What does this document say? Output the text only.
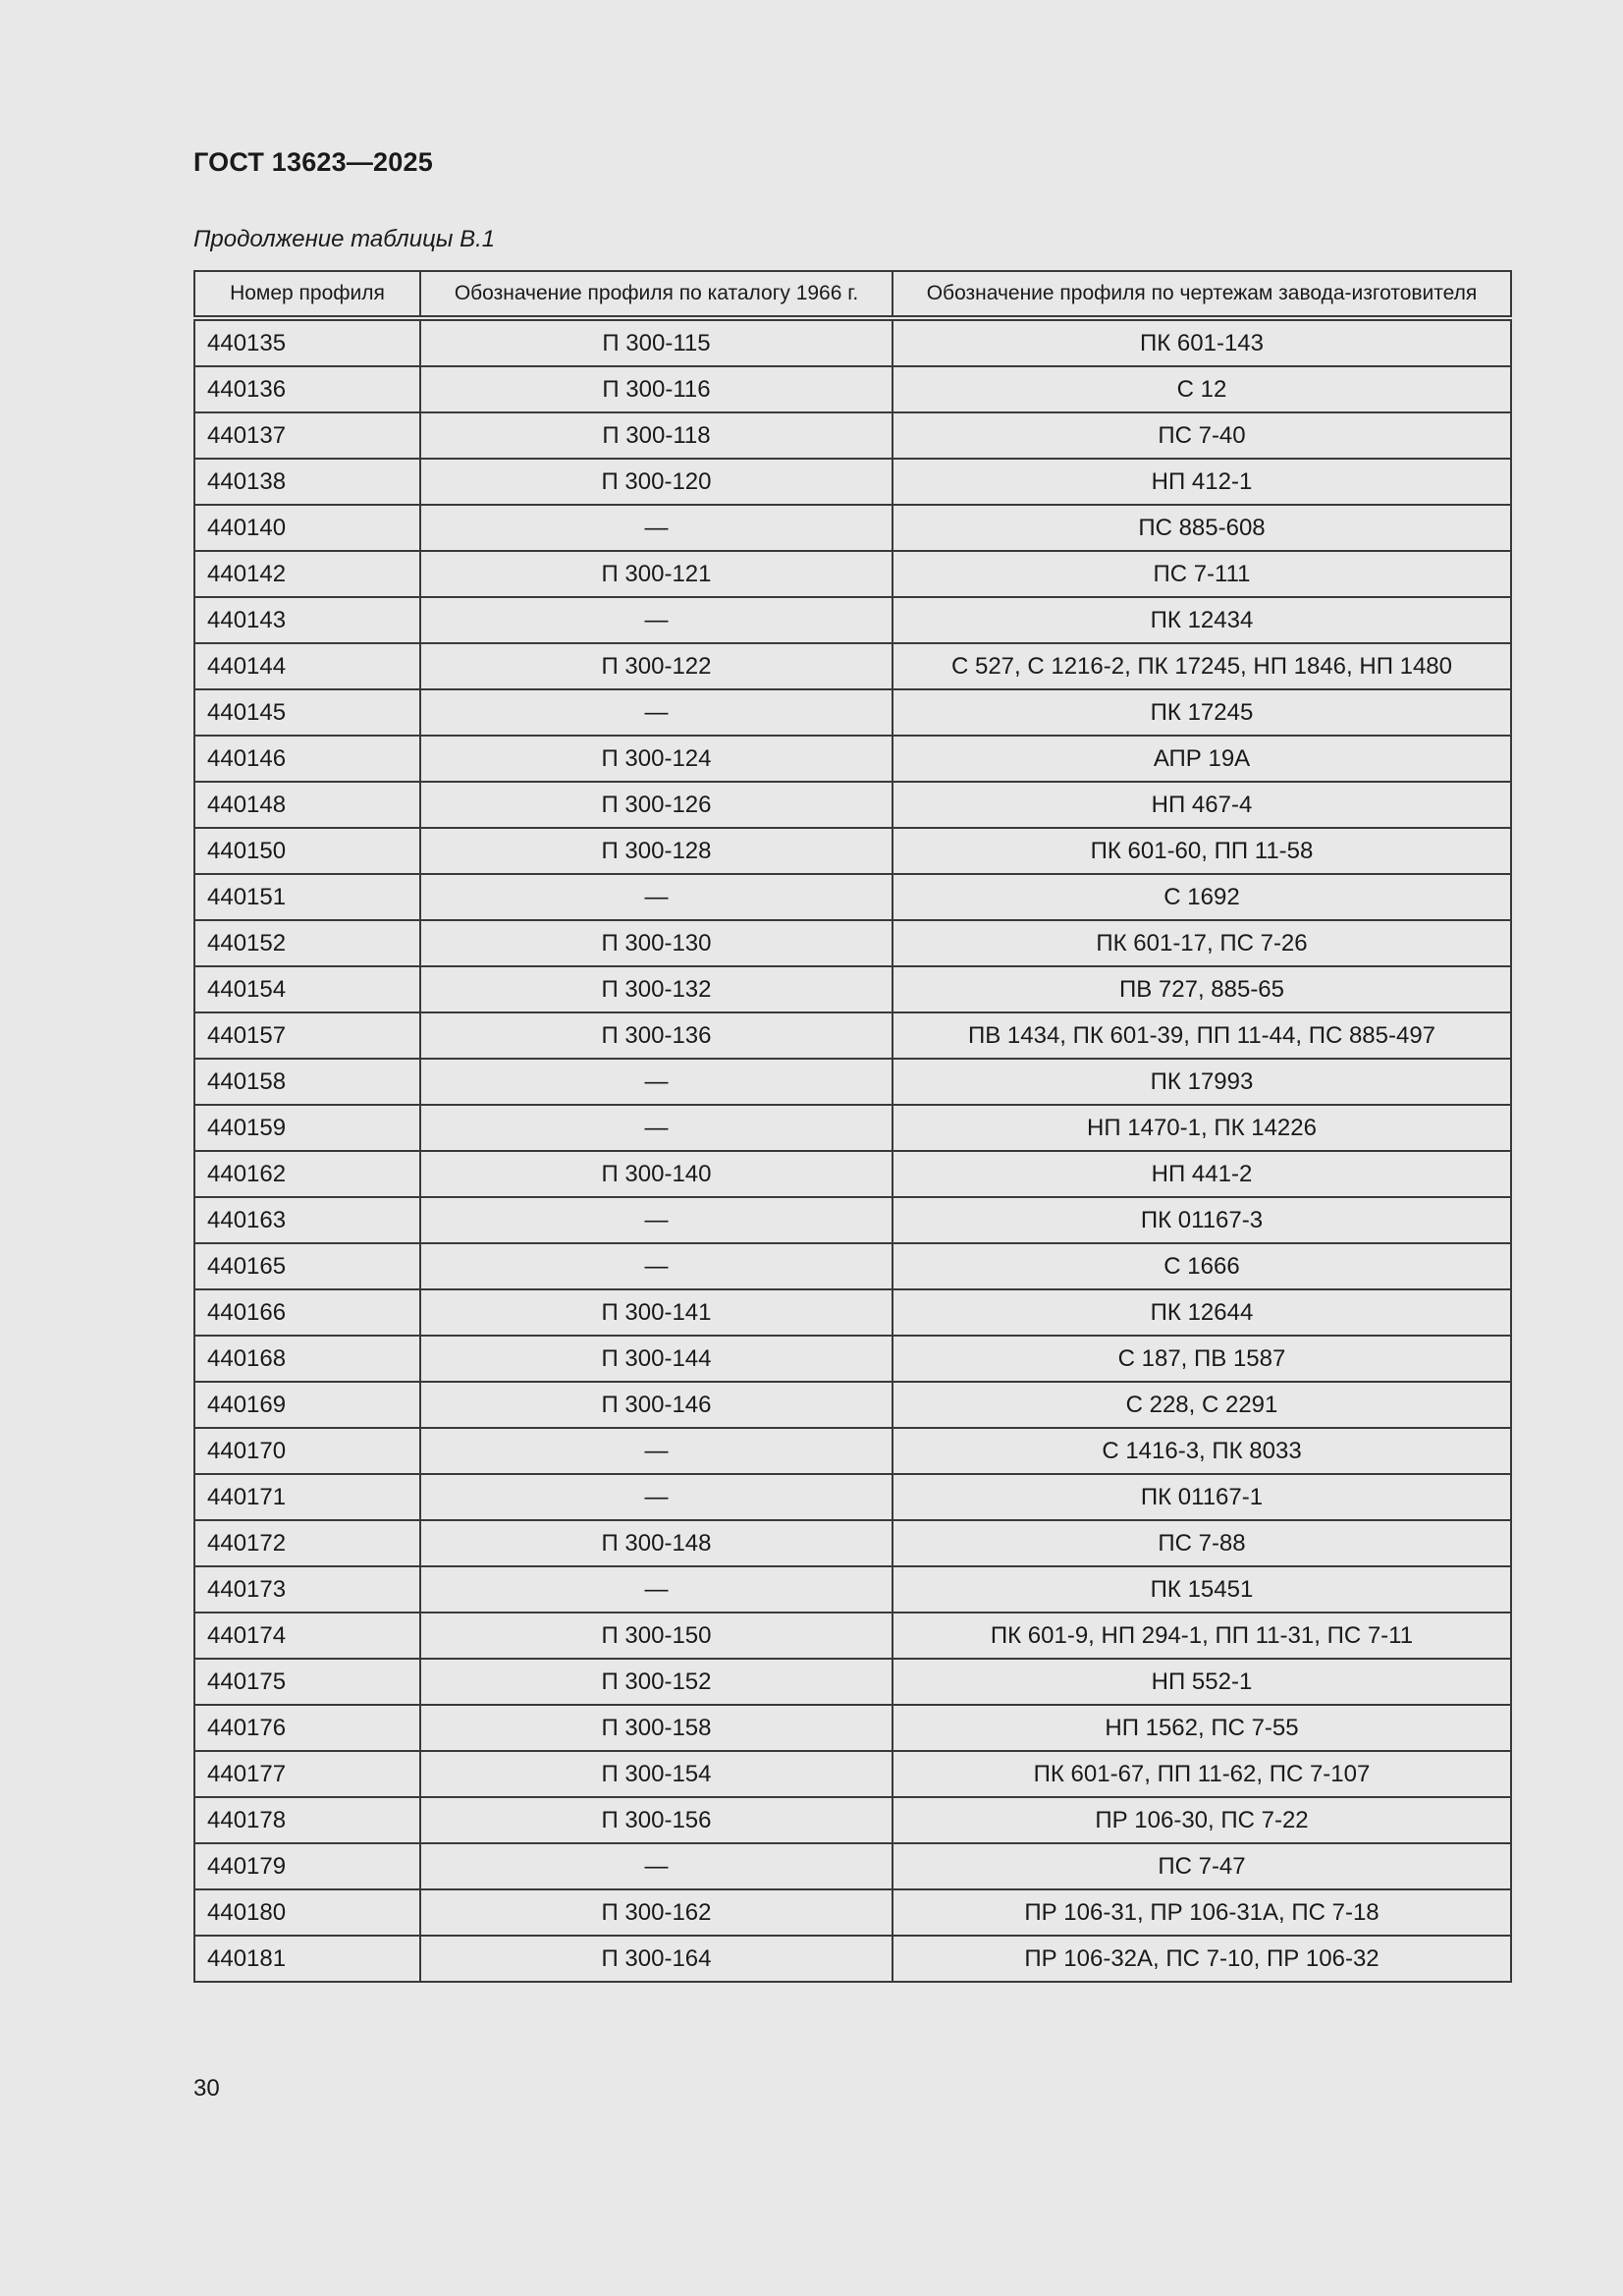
ГОСТ 13623—2025
Продолжение таблицы В.1
Номер профиля	Обозначение профиля по каталогу 1966 г.	Обозначение профиля по чертежам завода-изготовителя
440135	П 300-115	ПК 601-143
440136	П 300-116	С 12
440137	П 300-118	ПС 7-40
440138	П 300-120	НП 412-1
440140	—	ПС 885-608
440142	П 300-121	ПС 7-111
440143	—	ПК 12434
440144	П 300-122	С 527, С 1216-2, ПК 17245, НП 1846, НП 1480
440145	—	ПК 17245
440146	П 300-124	АПР 19А
440148	П 300-126	НП 467-4
440150	П 300-128	ПК 601-60, ПП 11-58
440151	—	С 1692
440152	П 300-130	ПК 601-17, ПС 7-26
440154	П 300-132	ПВ 727, 885-65
440157	П 300-136	ПВ 1434, ПК 601-39, ПП 11-44, ПС 885-497
440158	—	ПК 17993
440159	—	НП 1470-1, ПК 14226
440162	П 300-140	НП 441-2
440163	—	ПК 01167-3
440165	—	С 1666
440166	П 300-141	ПК 12644
440168	П 300-144	С 187, ПВ 1587
440169	П 300-146	С 228, С 2291
440170	—	С 1416-3, ПК 8033
440171	—	ПК 01167-1
440172	П 300-148	ПС 7-88
440173	—	ПК 15451
440174	П 300-150	ПК 601-9, НП 294-1, ПП 11-31, ПС 7-11
440175	П 300-152	НП 552-1
440176	П 300-158	НП 1562, ПС 7-55
440177	П 300-154	ПК 601-67, ПП 11-62, ПС 7-107
440178	П 300-156	ПР 106-30, ПС 7-22
440179	—	ПС 7-47
440180	П 300-162	ПР 106-31, ПР 106-31А, ПС 7-18
440181	П 300-164	ПР 106-32А, ПС 7-10, ПР 106-32
30
